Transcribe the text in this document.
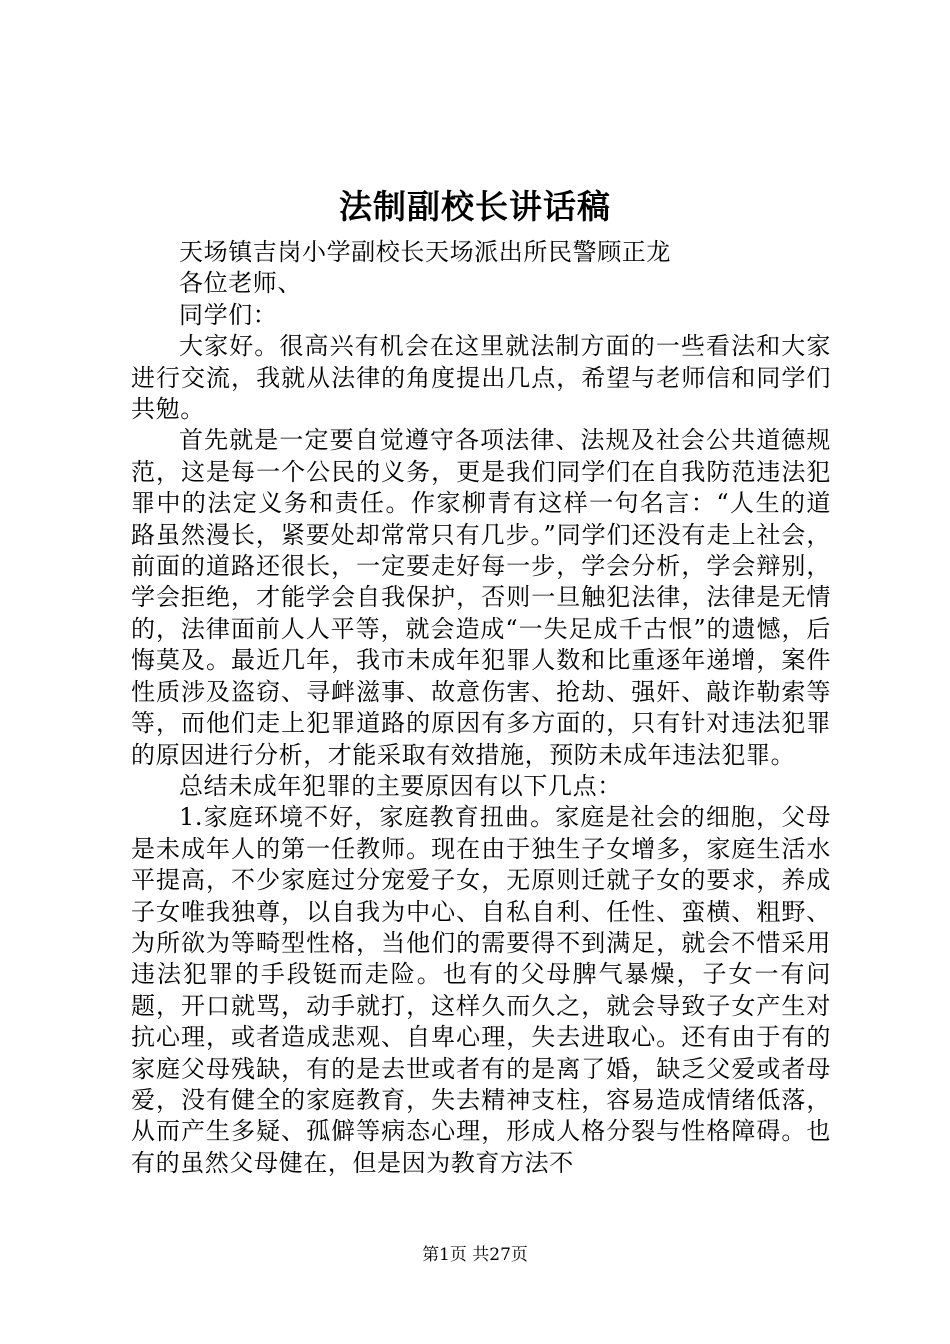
法制副校长讲话稿

天场镇吉岗小学副校长天场派出所民警顾正龙

各位老师、

同学们：

大家好。很高兴有机会在这里就法制方面的一些看法和大家进行交流，我就从法律的角度提出几点，希望与老师信和同学们共勉。

首先就是一定要自觉遵守各项法律、法规及社会公共道德规范，这是每一个公民的义务，更是我们同学们在自我防范违法犯罪中的法定义务和责任。作家柳青有这样一句名言：“人生的道路虽然漫长，紧要处却常常只有几步。”同学们还没有走上社会，前面的道路还很长，一定要走好每一步，学会分析，学会辩别，学会拒绝，才能学会自我保护，否则一旦触犯法律，法律是无情的，法律面前人人平等，就会造成“一失足成千古恨”的遗憾，后悔莫及。最近几年，我市未成年犯罪人数和比重逐年递增，案件性质涉及盗窃、寻衅滋事、故意伤害、抢劫、强奸、敲诈勒索等等，而他们走上犯罪道路的原因有多方面的，只有针对违法犯罪的原因进行分析，才能采取有效措施，预防未成年违法犯罪。

总结未成年犯罪的主要原因有以下几点：

1.家庭环境不好，家庭教育扭曲。家庭是社会的细胞，父母是未成年人的第一任教师。现在由于独生子女增多，家庭生活水平提高，不少家庭过分宠爱子女，无原则迁就子女的要求，养成子女唯我独尊，以自我为中心、自私自利、任性、蛮横、粗野、为所欲为等畸型性格，当他们的需要得不到满足，就会不惜采用违法犯罪的手段铤而走险。也有的父母脾气暴燥，子女一有问题，开口就骂，动手就打，这样久而久之，就会导致子女产生对抗心理，或者造成悲观、自卑心理，失去进取心。还有由于有的家庭父母残缺，有的是去世或者有的是离了婚，缺乏父爱或者母爱，没有健全的家庭教育，失去精神支柱，容易造成情绪低落，从而产生多疑、孤僻等病态心理，形成人格分裂与性格障碍。也有的虽然父母健在，但是因为教育方法不

第1页 共27页
